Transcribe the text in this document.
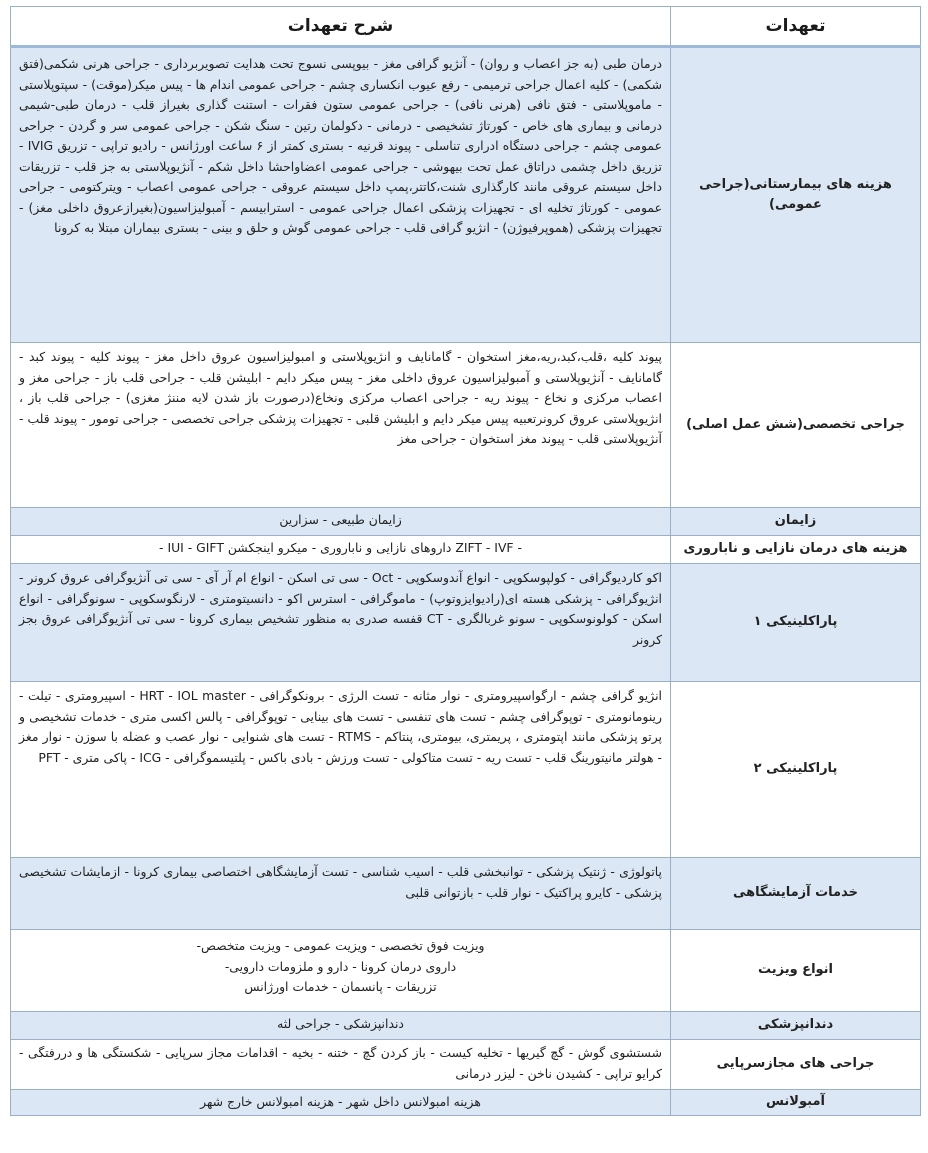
تعهدات	شرح تعهدات
هزینه های بیمارستانی(جراحی عمومی)	درمان طبی (به جز اعصاب و روان) - آنژیو گرافی مغز - بیوپسی نسوج تحت هدایت تصویربرداری - جراحی هرنی شکمی(فتق شکمی) - کلیه اعمال جراحی ترمیمی - رفع عیوب انکساری چشم - جراحی عمومی اندام ها - پیس میکر(موقت) - سپتوپلاستی - ماموپلاستی - فتق نافی (هرنی نافی) - جراحی عمومی ستون فقرات - استنت گذاری بغیراز قلب - درمان طبی-شیمی درمانی و بیماری های خاص - کورتاژ تشخیصی - درمانی - دکولمان رتین - سنگ شکن - جراحی عمومی سر و گردن - جراحی عمومی چشم - جراحی دستگاه ادراری تناسلی - پیوند قرنیه - بستری کمتر از ۶ ساعت اورژانس - رادیو تراپی - تزریق IVIG - تزریق داخل چشمی دراتاق عمل تحت بیهوشی - جراحی عمومی اعضاواحشا داخل شکم - آنژیوپلاستی به جز قلب - تزریقات داخل سیستم عروقی مانند کارگذاری شنت،کاتتر،پمپ داخل سیستم عروقی - جراحی عمومی اعصاب - ویترکتومی - جراحی عمومی - کورتاژ تخلیه ای - تجهیزات پزشکی اعمال جراحی عمومی - استرابیسم - آمبولیزاسیون(بغیرازعروق داخلی مغز) - تجهیزات پزشکی (هموپرفیوژن) - انژیو گرافی قلب - جراحی عمومی گوش و حلق و بینی - بستری بیماران مبتلا به کرونا
جراحی تخصصی(شش عمل اصلی)	پیوند کلیه ،قلب،کبد،ریه،مغز استخوان - گامانایف و انژیوپلاستی و امبولیزاسیون عروق داخل مغز - پیوند کلیه - پیوند کبد - گامانایف - آنژیوپلاستی و آمبولیزاسیون عروق داخلی مغز - پیس میکر دایم - ابلیشن قلب - جراحی قلب باز - جراحی مغز و اعصاب مرکزی و نخاع - پیوند ریه - جراحی اعصاب مرکزی ونخاع(درصورت باز شدن لایه مننژ مغزی) - جراحی قلب باز ، انژیوپلاستی عروق کرونرتعبیه پیس میکر دایم و ابلیشن قلبی - تجهیزات پزشکی جراحی تخصصی - جراحی تومور - پیوند قلب - آنژیوپلاستی قلب - پیوند مغز استخوان - جراحی مغز
زایمان	زایمان طبیعی - سزارین
هزینه های درمان نازایی و ناباروری	- ZIFT - IVF داروهای نازایی و ناباروری - میکرو اینجکشن IUI - GIFT -
پاراکلینیکی ۱	اکو کاردیوگرافی - کولپوسکوپی - انواع آندوسکوپی - Oct - سی تی اسکن - انواع ام آر آی - سی تی آنژیوگرافی عروق کرونر - انژیوگرافی - پزشکی هسته ای(رادیوایزوتوپ) - ماموگرافی - استرس اکو - دانسیتومتری - لارنگوسکوپی - سونوگرافی - انواع اسکن - کولونوسکوپی - سونو غربالگری - CT قفسه صدری به منظور تشخیص بیماری کرونا - سی تی آنژیوگرافی عروق بجز کرونر
پاراکلینیکی ۲	انژیو گرافی چشم - ارگواسپیرومتری - نوار مثانه - تست الرژی - برونکوگرافی - HRT - IOL master - اسپیرومتری - تیلت - رینومانومتری - توپوگرافی چشم - تست های تنفسی - تست های بینایی - توپوگرافی - پالس اکسی متری - خدمات تشخیصی و پرتو پزشکی مانند اپتومتری ، پریمتری، بیومتری، پنتاکم - RTMS - تست های شنوایی - نوار عصب و عضله با سوزن - نوار مغز - هولتر مانیتورینگ قلب - تست ریه - تست متاکولی - تست ورزش - بادی باکس - پلتیسموگرافی - ICG - پاکی متری - PFT
خدمات آزمایشگاهی	پاتولوژی - ژنتیک پزشکی - توانبخشی قلب - اسیب شناسی - تست آزمایشگاهی اختصاصی بیماری کرونا - ازمایشات تشخیصی پزشکی - کایرو پراکتیک - نوار قلب - بازتوانی قلبی
انواع ویزیت	ویزیت فوق تخصصی - ویزیت عمومی - ویزیت متخصص-
داروی درمان کرونا - دارو و ملزومات دارویی-
تزریقات - پانسمان - خدمات اورژانس

دندانپزشکی	دندانپزشکی - جراحی لثه
جراحی های مجازسرپایی	شستشوی گوش - گچ گیریها - تخلیه کیست - باز کردن گچ - ختنه - بخیه - اقدامات مجاز سرپایی - شکستگی ها و دررفتگی - کرایو تراپی - کشیدن ناخن - لیزر درمانی
آمبولانس	هزینه امبولانس داخل شهر - هزینه امبولانس خارج شهر
